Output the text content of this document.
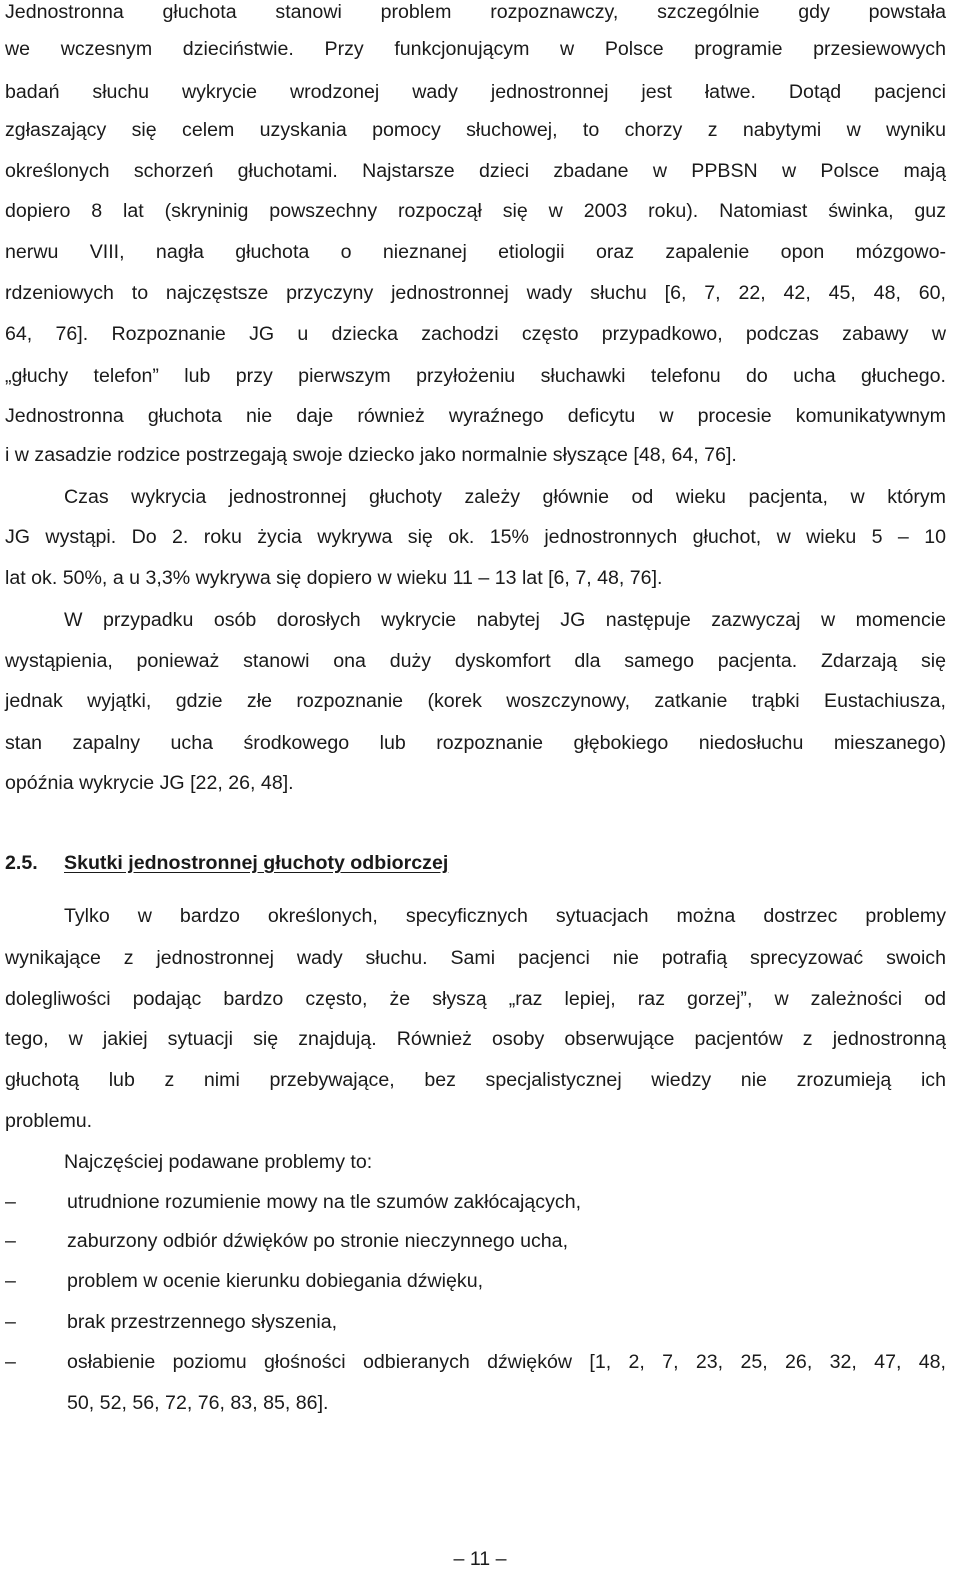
Jednostronna głuchota stanowi problem rozpoznawczy, szczególnie gdy powstała
we wczesnym dzieciństwie. Przy funkcjonującym w Polsce programie przesiewowych
badań słuchu wykrycie wrodzonej wady jednostronnej jest łatwe. Dotąd pacjenci
zgłaszający się celem uzyskania pomocy słuchowej, to chorzy z nabytymi w wyniku
określonych schorzeń głuchotami. Najstarsze dzieci zbadane w PPBSN w Polsce mają
dopiero 8 lat (skryninig powszechny rozpoczął się w 2003 roku). Natomiast świnka, guz
nerwu VIII, nagła głuchota o nieznanej etiologii oraz zapalenie opon mózgowo-
rdzeniowych to najczęstsze przyczyny jednostronnej wady słuchu [6, 7, 22, 42, 45, 48, 60,
64, 76]. Rozpoznanie JG u dziecka zachodzi często przypadkowo, podczas zabawy w
„głuchy telefon” lub przy pierwszym przyłożeniu słuchawki telefonu do ucha głuchego.
Jednostronna głuchota nie daje również wyraźnego deficytu w procesie komunikatywnym
i w zasadzie rodzice postrzegają swoje dziecko jako normalnie słyszące [48, 64, 76].
Czas wykrycia jednostronnej głuchoty zależy głównie od wieku pacjenta, w którym
JG wystąpi. Do 2. roku życia wykrywa się ok. 15% jednostronnych głuchot, w wieku 5 – 10
lat ok. 50%, a u 3,3% wykrywa się dopiero w wieku 11 – 13 lat [6, 7, 48, 76].
W przypadku osób dorosłych wykrycie nabytej JG następuje zazwyczaj w momencie
wystąpienia, ponieważ stanowi ona duży dyskomfort dla samego pacjenta. Zdarzają się
jednak wyjątki, gdzie złe rozpoznanie (korek woszczynowy, zatkanie trąbki Eustachiusza,
stan zapalny ucha środkowego lub rozpoznanie głębokiego niedosłuchu mieszanego)
opóźnia wykrycie JG [22, 26, 48].
2.5. Skutki jednostronnej głuchoty odbiorczej
Tylko w bardzo określonych, specyficznych sytuacjach można dostrzec problemy
wynikające z jednostronnej wady słuchu. Sami pacjenci nie potrafią sprecyzować swoich
dolegliwości podając bardzo często, że słyszą „raz lepiej, raz gorzej”, w zależności od
tego, w jakiej sytuacji się znajdują. Również osoby obserwujące pacjentów z jednostronną
głuchotą lub z nimi przebywające, bez specjalistycznej wiedzy nie zrozumieją ich
problemu.
Najczęściej podawane problemy to:
–	utrudnione rozumienie mowy na tle szumów zakłócających,
–	zaburzony odbiór dźwięków po stronie nieczynnego ucha,
–	problem w ocenie kierunku dobiegania dźwięku,
–	brak przestrzennego słyszenia,
–	osłabienie poziomu głośności odbieranych dźwięków [1, 2, 7, 23, 25, 26, 32, 47, 48,
50, 52, 56, 72, 76, 83, 85, 86].
– 11 –
